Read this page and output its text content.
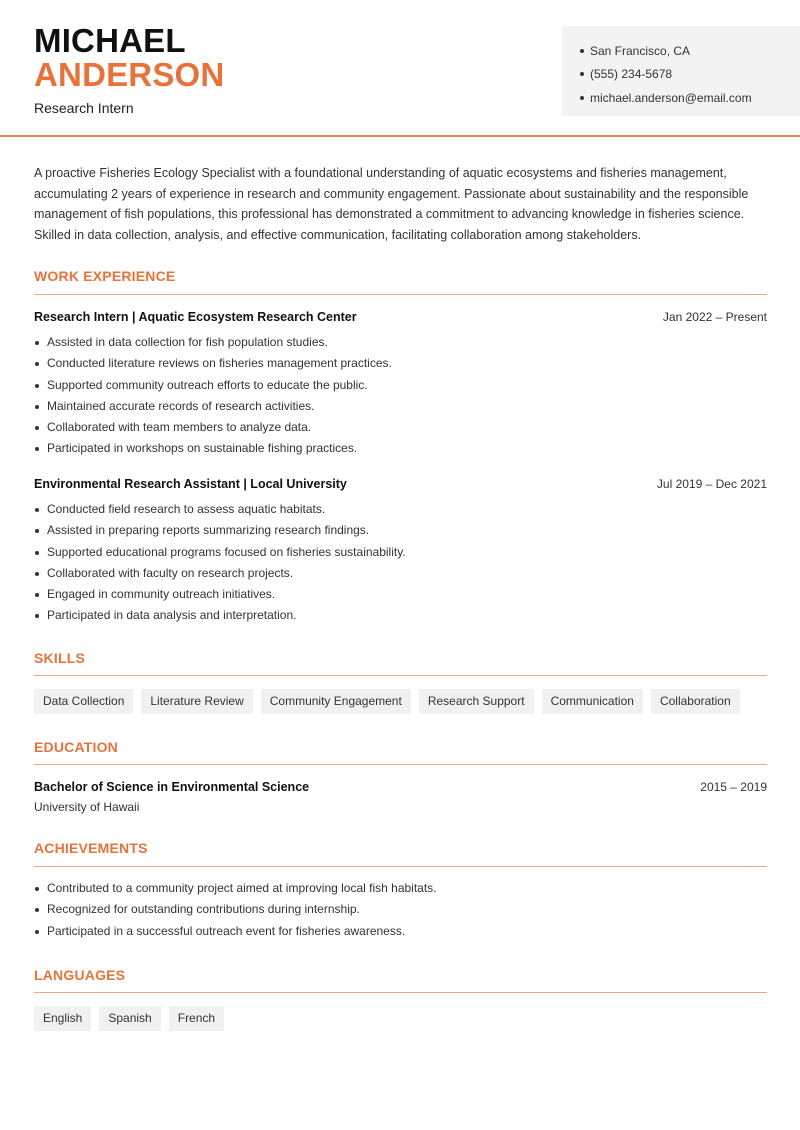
MICHAEL
ANDERSON
Research Intern
San Francisco, CA
(555) 234-5678
michael.anderson@email.com

A proactive Fisheries Ecology Specialist with a foundational understanding of aquatic ecosystems and fisheries management, accumulating 2 years of experience in research and community engagement. Passionate about sustainability and the responsible management of fish populations, this professional has demonstrated a commitment to advancing knowledge in fisheries science. Skilled in data collection, analysis, and effective communication, facilitating collaboration among stakeholders.

WORK EXPERIENCE
Research Intern | Aquatic Ecosystem Research Center	Jan 2022 – Present
Assisted in data collection for fish population studies.
Conducted literature reviews on fisheries management practices.
Supported community outreach efforts to educate the public.
Maintained accurate records of research activities.
Collaborated with team members to analyze data.
Participated in workshops on sustainable fishing practices.
Environmental Research Assistant | Local University	Jul 2019 – Dec 2021
Conducted field research to assess aquatic habitats.
Assisted in preparing reports summarizing research findings.
Supported educational programs focused on fisheries sustainability.
Collaborated with faculty on research projects.
Engaged in community outreach initiatives.
Participated in data analysis and interpretation.
SKILLS
Data Collection	Literature Review	Community Engagement	Research Support	Communication	Collaboration
EDUCATION
Bachelor of Science in Environmental Science	2015 – 2019
University of Hawaii
ACHIEVEMENTS
Contributed to a community project aimed at improving local fish habitats.
Recognized for outstanding contributions during internship.
Participated in a successful outreach event for fisheries awareness.
LANGUAGES
English	Spanish	French
